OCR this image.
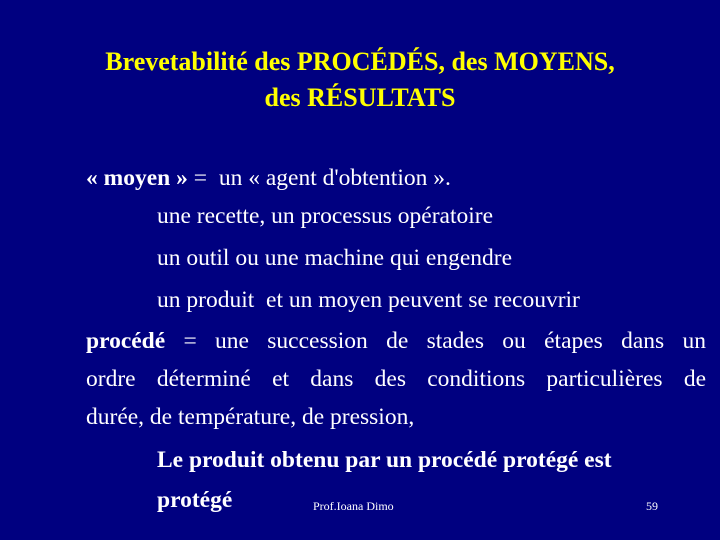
Brevetabilité des PROCÉDÉS, des MOYENS,
des RÉSULTATS
« moyen » = un « agent d'obtention ».
une recette, un processus opératoire
un outil ou une machine qui engendre
un produit  et un moyen peuvent se recouvrir
procédé = une succession de stades ou étapes dans un
ordre déterminé et dans des conditions particulières de
durée, de température, de pression,
Le produit obtenu par un procédé protégé est
protégé	Prof.Ioana Dimo	59
